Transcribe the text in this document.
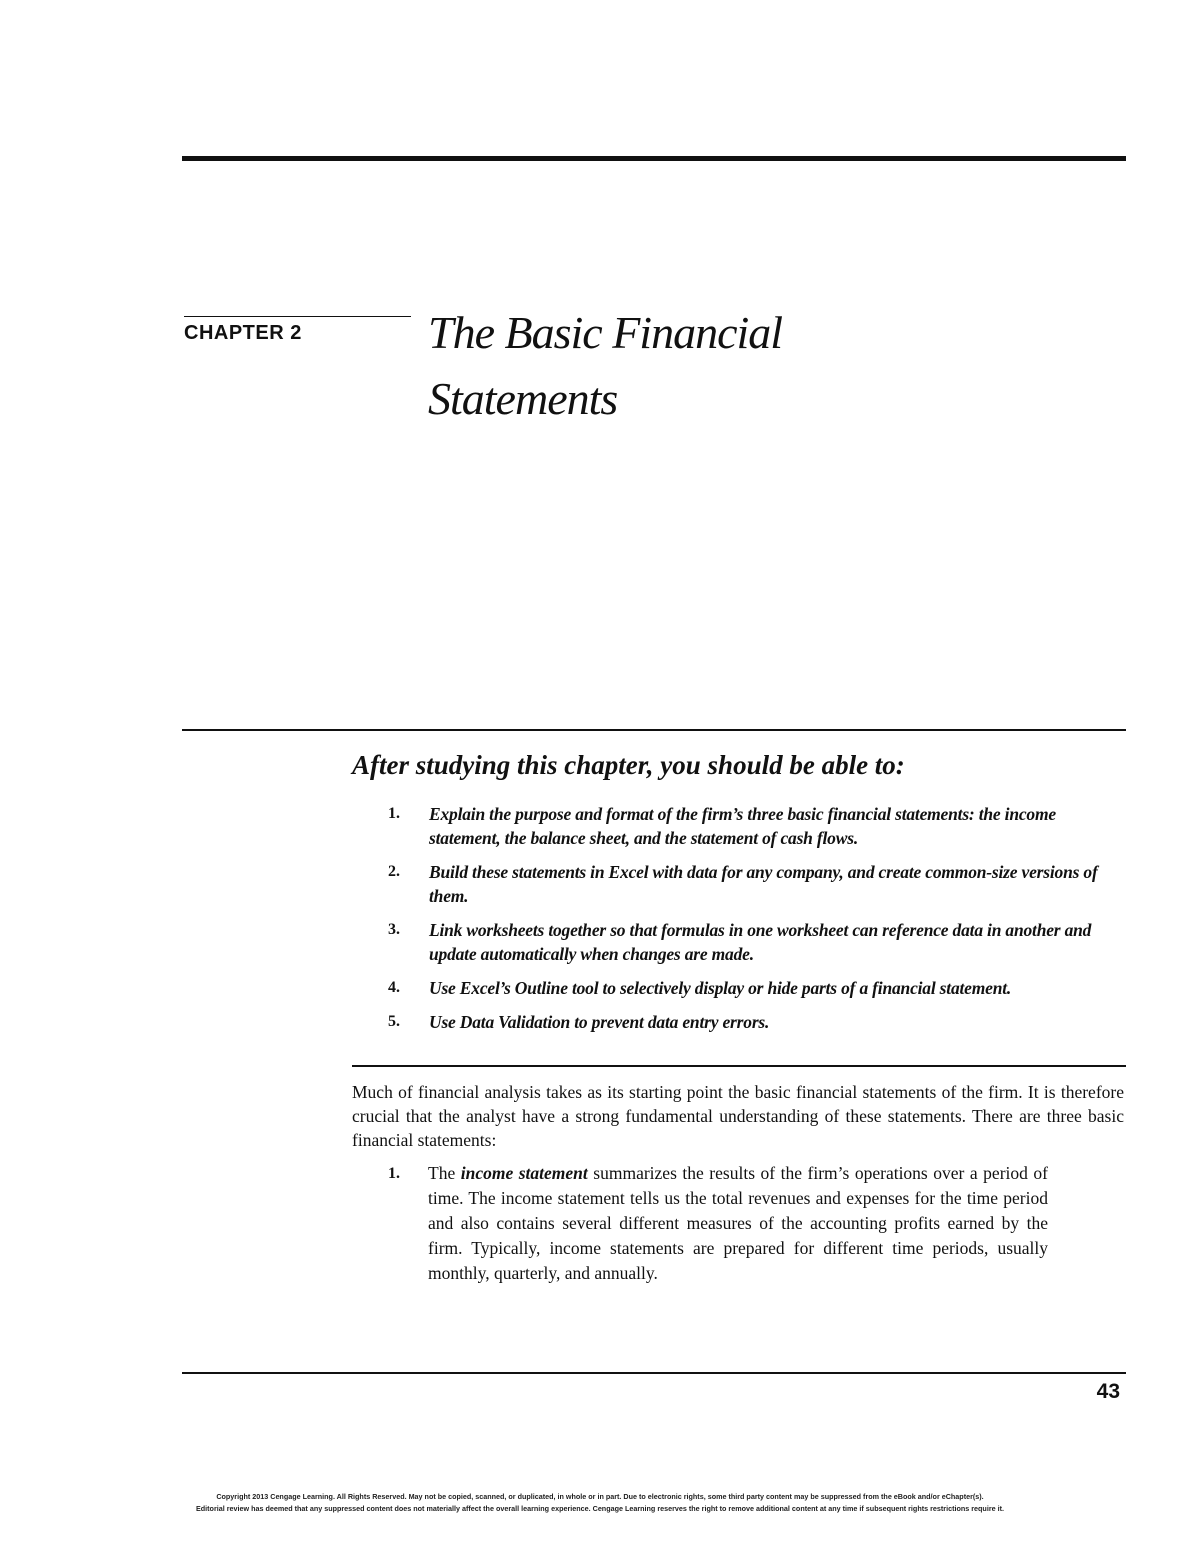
CHAPTER 2	The Basic Financial
Statements
After studying this chapter, you should be able to:
1. Explain the purpose and format of the firm’s three basic financial statements: the income statement, the balance sheet, and the statement of cash flows.
2. Build these statements in Excel with data for any company, and create common-size versions of them.
3. Link worksheets together so that formulas in one worksheet can reference data in another and update automatically when changes are made.
4. Use Excel’s Outline tool to selectively display or hide parts of a financial statement.
5. Use Data Validation to prevent data entry errors.

Much of financial analysis takes as its starting point the basic financial statements of the firm. It is therefore crucial that the analyst have a strong fundamental understanding of these statements. There are three basic financial statements:

1. The income statement summarizes the results of the firm’s operations over a period of time. The income statement tells us the total revenues and expenses for the time period and also contains several different measures of the accounting profits earned by the firm. Typically, income statements are prepared for different time periods, usually monthly, quarterly, and annually.
43
Copyright 2013 Cengage Learning. All Rights Reserved. May not be copied, scanned, or duplicated, in whole or in part. Due to electronic rights, some third party content may be suppressed from the eBook and/or eChapter(s).
Editorial review has deemed that any suppressed content does not materially affect the overall learning experience. Cengage Learning reserves the right to remove additional content at any time if subsequent rights restrictions require it.
